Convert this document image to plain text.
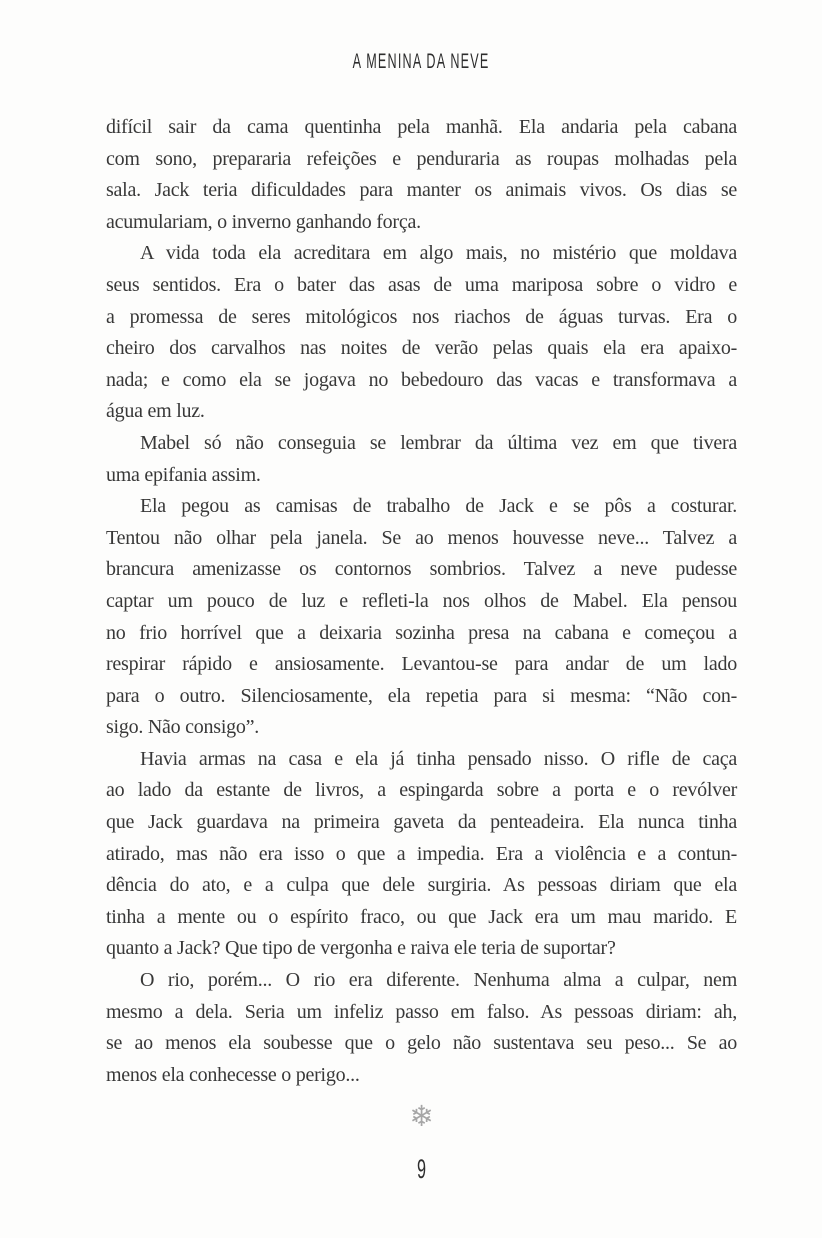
A MENINA DA NEVE
difícil sair da cama quentinha pela manhã. Ela andaria pela cabana
com sono, prepararia refeições e penduraria as roupas molhadas pela
sala. Jack teria dificuldades para manter os animais vivos. Os dias se
acumulariam, o inverno ganhando força.
A vida toda ela acreditara em algo mais, no mistério que moldava
seus sentidos. Era o bater das asas de uma mariposa sobre o vidro e
a promessa de seres mitológicos nos riachos de águas turvas. Era o
cheiro dos carvalhos nas noites de verão pelas quais ela era apaixo-
nada; e como ela se jogava no bebedouro das vacas e transformava a
água em luz.
Mabel só não conseguia se lembrar da última vez em que tivera
uma epifania assim.
Ela pegou as camisas de trabalho de Jack e se pôs a costurar.
Tentou não olhar pela janela. Se ao menos houvesse neve... Talvez a
brancura amenizasse os contornos sombrios. Talvez a neve pudesse
captar um pouco de luz e refleti-la nos olhos de Mabel. Ela pensou
no frio horrível que a deixaria sozinha presa na cabana e começou a
respirar rápido e ansiosamente. Levantou-se para andar de um lado
para o outro. Silenciosamente, ela repetia para si mesma: “Não con-
sigo. Não consigo”.
Havia armas na casa e ela já tinha pensado nisso. O rifle de caça
ao lado da estante de livros, a espingarda sobre a porta e o revólver
que Jack guardava na primeira gaveta da penteadeira. Ela nunca tinha
atirado, mas não era isso o que a impedia. Era a violência e a contun-
dência do ato, e a culpa que dele surgiria. As pessoas diriam que ela
tinha a mente ou o espírito fraco, ou que Jack era um mau marido. E
quanto a Jack? Que tipo de vergonha e raiva ele teria de suportar?
O rio, porém... O rio era diferente. Nenhuma alma a culpar, nem
mesmo a dela. Seria um infeliz passo em falso. As pessoas diriam: ah,
se ao menos ela soubesse que o gelo não sustentava seu peso... Se ao
menos ela conhecesse o perigo...
❄
9
